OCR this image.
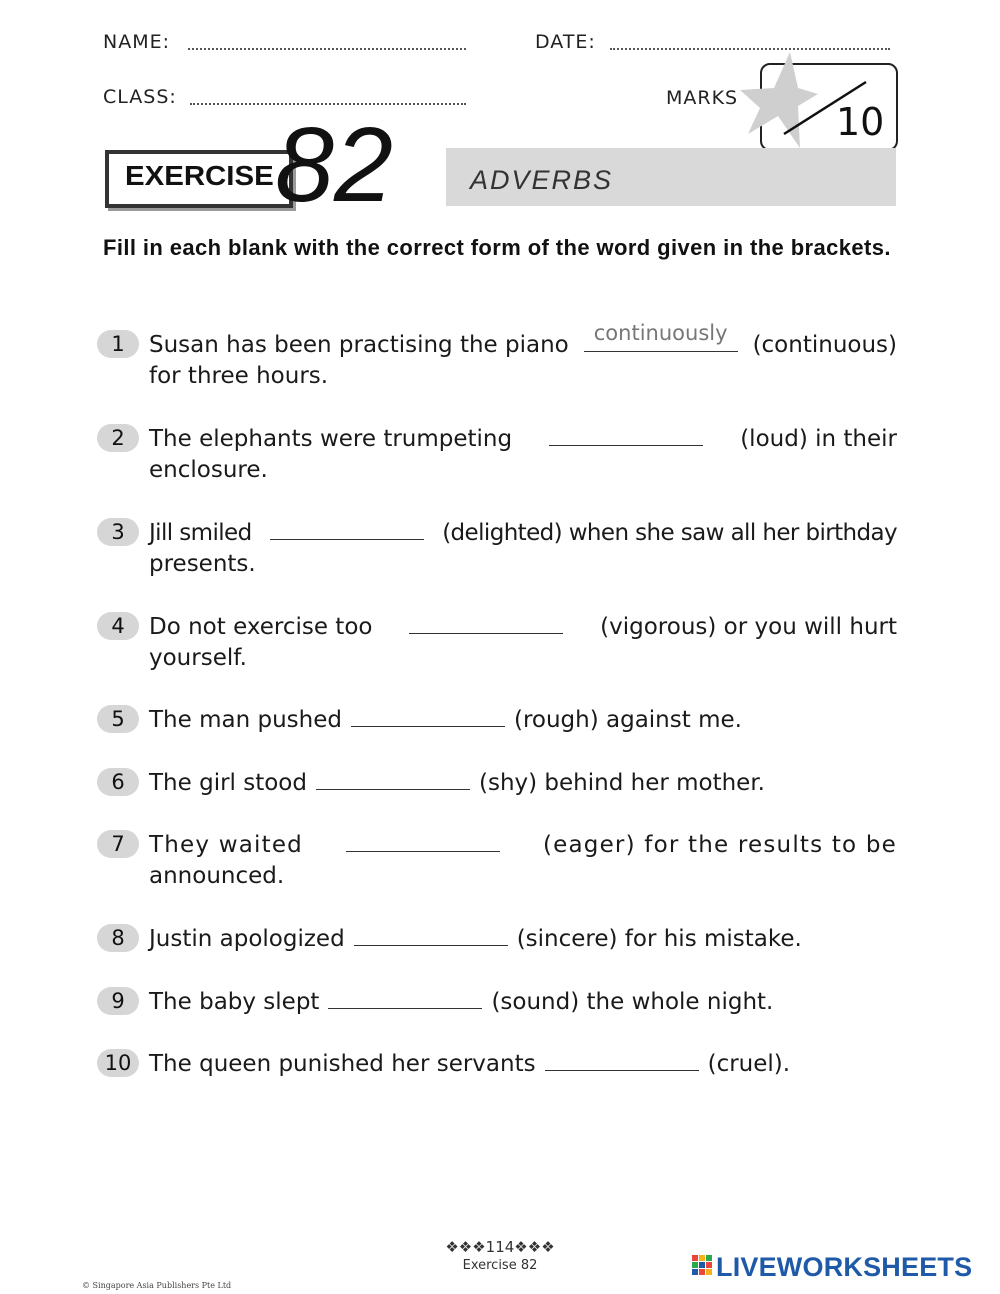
NAME:	DATE:
CLASS:	MARKS
10
EXERCISE 82	ADVERBS
Fill in each blank with the correct form of the word given in the brackets.
1	Susan has been practising the piano	continuously	(continuous)
for three hours.
2	The elephants were trumpeting	(loud) in their
enclosure.
3	Jill smiled	(delighted) when she saw all her birthday
presents.
4	Do not exercise too	(vigorous) or you will hurt
yourself.
5	The man pushed	(rough) against me.
6	The girl stood	(shy) behind her mother.
7	They waited	(eager) for the results to be
announced.
8	Justin apologized	(sincere) for his mistake.
9	The baby slept	(sound) the whole night.
10 The queen punished her servants	(cruel).
❖❖❖114❖❖❖
Exercise 82
© Singapore Asia Publishers Pte Ltd
LIVEWORKSHEETS
